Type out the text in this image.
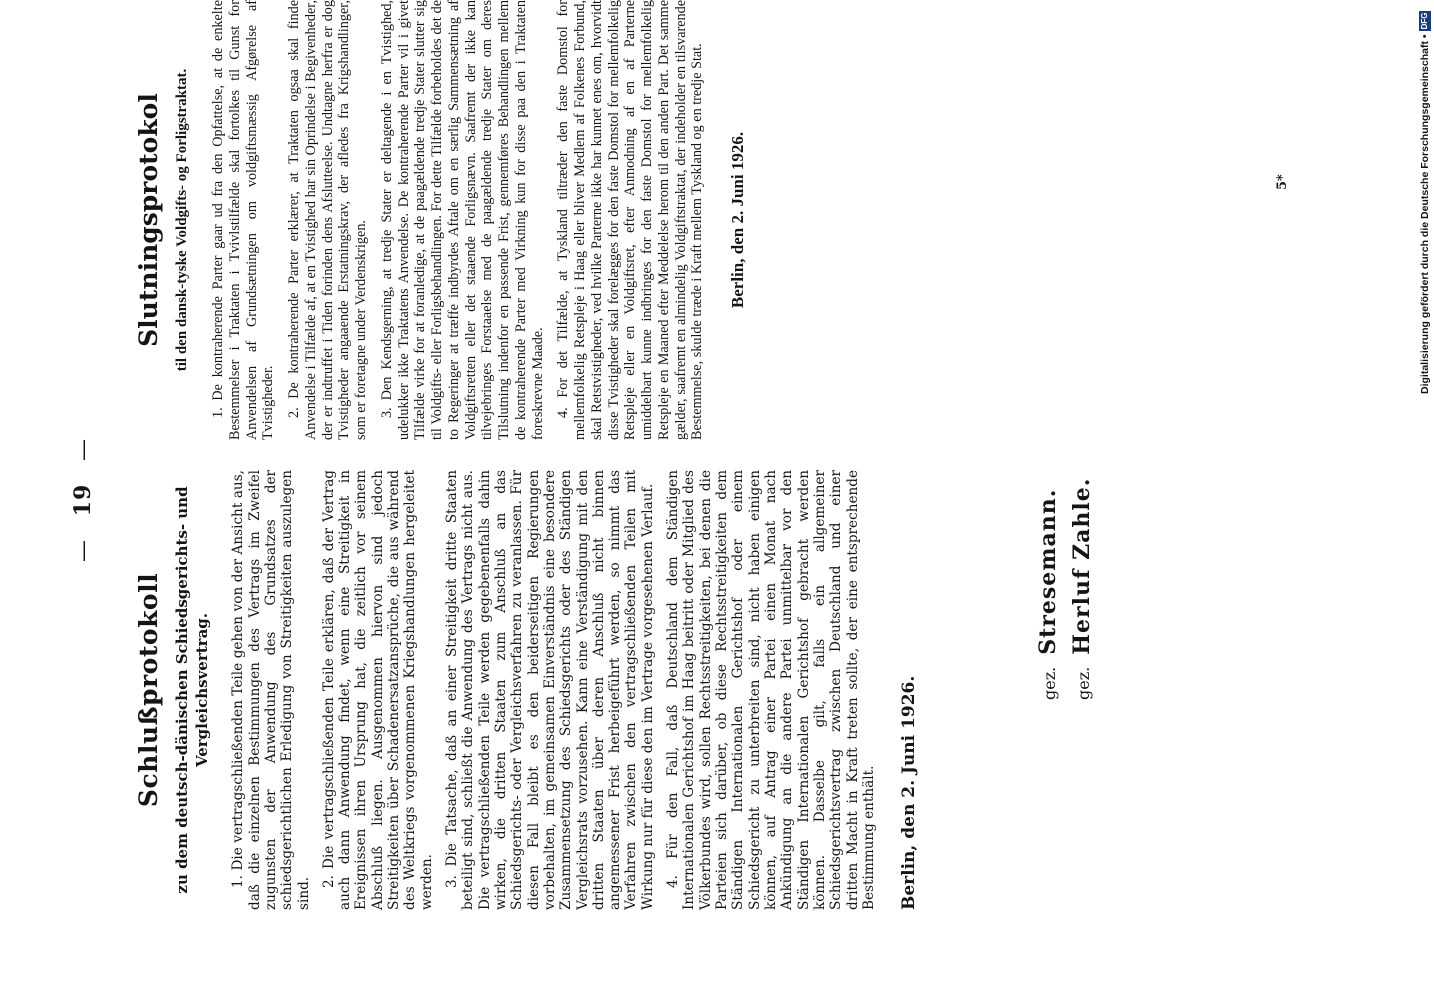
— 19 —
Schlußprotokoll zu dem deutsch-dänischen Schiedsgerichts- und Vergleichsvertrag. 1. Die vertragschließenden Teile gehen von der Ansicht aus, daß die einzelnen Bestimmungen des Vertrags im Zweifel zugunsten der Anwendung des Grundsatzes der schiedsgerichtlichen Erledigung von Streitigkeiten auszulegen sind.

2. Die vertragschließenden Teile erklären, daß der Vertrag auch dann Anwendung findet, wenn eine Streitigkeit in Ereignissen ihren Ursprung hat, die zeitlich vor seinem Abschluß liegen. Ausgenommen hiervon sind jedoch Streitigkeiten über Schadenersatzansprüche, die aus während des Weltkriegs vorgenommenen Kriegshandlungen hergeleitet werden. 3. Die Tatsache, daß an einer Streitigkeit dritte Staaten beteiligt sind, schließt die Anwendung des Vertrags nicht aus. Die vertragschließenden Teile werden gegebenenfalls dahin wirken, die dritten Staaten zum Anschluß an das Schiedsgerichts- oder Vergleichsverfahren zu veranlassen. Für diesen Fall bleibt es den beiderseitigen Regierungen vorbehalten, im gemeinsamen Einverständnis eine besondere Zusammensetzung des Schiedsgerichts oder des Ständigen Vergleichsrats vorzusehen. Kann eine Verständigung mit den dritten Staaten über deren Anschluß nicht binnen angemessener Frist herbeigeführt werden, so nimmt das Verfahren zwischen den vertragschließenden Teilen mit Wirkung nur für diese den im Vertrage vorgesehenen Verlauf. 4. Für den Fall, daß Deutschland dem Ständigen Internationalen Gerichtshof im Haag beitritt oder Mitglied des Völkerbundes wird, sollen Rechtsstreitigkeiten, bei denen die Parteien sich darüber, ob diese Rechtsstreitigkeiten dem Ständigen Internationalen Gerichtshof oder einem Schiedsgericht zu unterbreiten sind, nicht haben einigen können, auf Antrag einer Partei einen Monat nach Ankündigung an die andere Partei unmittelbar vor den Ständigen Internationalen Gerichtshof gebracht werden können. Dasselbe gilt, falls ein allgemeiner Schiedsgerichtsvertrag zwischen Deutschland und einer dritten Macht in Kraft treten sollte, der eine entsprechende Bestimmung enthält. Berlin, den 2. Juni 1926.
Slutningsprotokol til den dansk-tyske Voldgifts- og Forligstraktat. 1. De kontraherende Parter gaar ud fra den Opfattelse, at de enkelte Bestemmelser i Traktaten i Tvivlstilfælde skal fortolkes til Gunst for Anvendelsen af Grundsætningen om voldgiftsmæssig Afgørelse af Tvistigheder. 2. De kontraherende Parter erklærer, at Traktaten ogsaa skal finde Anvendelse i Tilfælde af, at en Tvistighed har sin Oprindelse i Begivenheder, der er indtruffet i Tiden forinden dens Afslutteelse. Undtagne herfra er dog Tvistigheder angaaende Erstatningskrav, der afledes fra Krigshandlinger, som er foretagne under Verdenskrigen. 3. Den Kendsgerning, at tredje Stater er deltagende i en Tvistighed, udelukker ikke Traktatens Anvendelse. De kontraherende Parter vil i givet Tilfælde virke for at foranledige, at de paagældende tredje Stater slutter sig til Voldgifts- eller Forligsbehandlingen. For dette Tilfælde forbeholdes det de to Regeringer at træffe indbyrdes Aftale om en særlig Sammensætning af Voldgiftsretten eller det staaende Forligsnævn. Saafremt der ikke kan tilvejebringes Forstaaelse med de paagældende tredje Stater om deres Tilslutning indenfor en passende Frist, gennemføres Behandlingen mellem de kontraherende Parter med Virkning kun for disse paa den i Traktaten foreskrevne Maade. 4. For det Tilfælde, at Tyskland tiltræder den faste Domstol for mellemfolkelig Retspleje i Haag eller bliver Medlem af Folkenes Forbund, skal Retstvistigheder, ved hvilke Parterne ikke har kunnet enes om, hvorvidt disse Tvistigheder skal forelægges for den faste Domstol for mellemfolkelig Retspleje eller en Voldgiftsret, efter Anmodning af en af Parterne umiddelbart kunne indbringes for den faste Domstol for mellemfolkelig Retspleje en Maaned efter Meddelelse herom til den anden Part. Det samme gælder, saafremt en almindelig Voldgiftstraktat, der indeholder en tilsvarende Bestemmelse, skulde træde i Kraft mellem Tyskland og en tredje Stat. Berlin, den 2. Juni 1926.
gez.Stresemann.
gez.Herluf Zahle.
5*	Digitalisierung gefördert durch die Deutsche Forschungsgemeinschaft •DFG
